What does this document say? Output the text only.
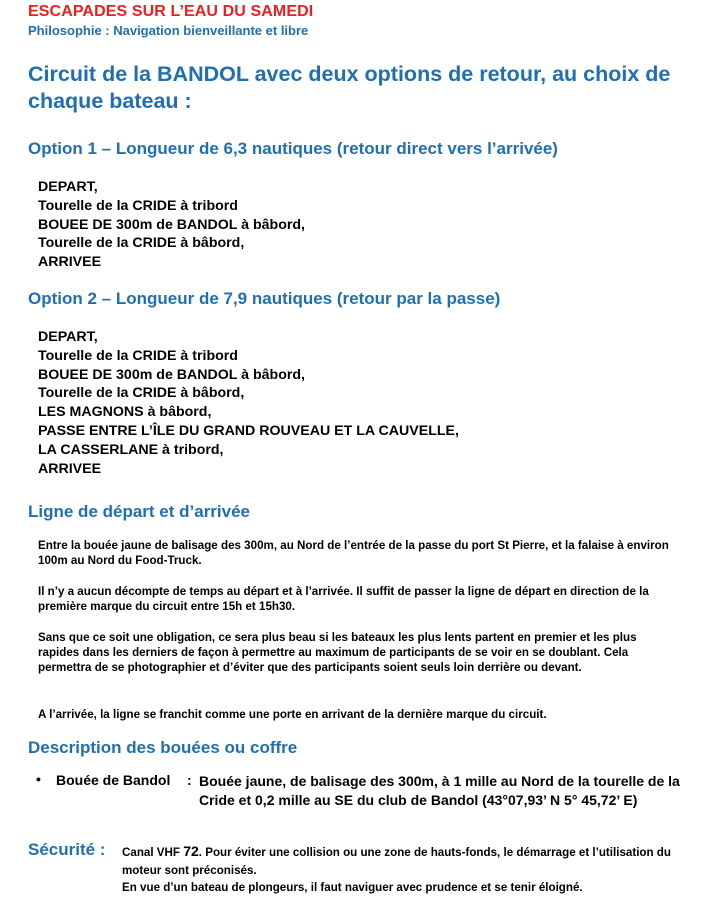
ESCAPADES SUR L’EAU DU SAMEDI
Philosophie : Navigation bienveillante et libre
Circuit de la BANDOL avec deux options de retour, au choix de chaque bateau :
Option 1 – Longueur de 6,3 nautiques (retour direct vers l’arrivée)
DEPART,
Tourelle de la CRIDE à tribord
BOUEE DE 300m de BANDOL à bâbord,
Tourelle de la CRIDE à bâbord,
ARRIVEE
Option 2 – Longueur de 7,9 nautiques (retour par la passe)
DEPART,
Tourelle de la CRIDE à tribord
BOUEE DE 300m de BANDOL à bâbord,
Tourelle de la CRIDE à bâbord,
LES MAGNONS à bâbord,
PASSE ENTRE L’ÎLE DU GRAND ROUVEAU ET LA CAUVELLE,
LA CASSERLANE à tribord,
ARRIVEE
Ligne de départ et d’arrivée

Entre la bouée jaune de balisage des 300m, au Nord de l’entrée de la passe du port St Pierre, et la falaise à environ 100m au Nord du Food-Truck.

Il n’y a aucun décompte de temps au départ et à l’arrivée. Il suffit de passer la ligne de départ en direction de la première marque du circuit entre 15h et 15h30.

Sans que ce soit une obligation, ce sera plus beau si les bateaux les plus lents partent en premier et les plus rapides dans les derniers de façon à permettre au maximum de participants de se voir en se doublant. Cela permettra de se photographier et d’éviter que des participants soient seuls loin derrière ou devant.

A l’arrivée, la ligne se franchit comme une porte en arrivant de la dernière marque du circuit.

Description des bouées ou coffre
• Bouée de Bandol : Bouée jaune, de balisage des 300m, à 1 mille au Nord de la tourelle de la Cride et 0,2 mille au SE du club de Bandol (43°07,93’ N 5° 45,72’ E)
Sécurité : Canal VHF 72. Pour éviter une collision ou une zone de hauts-fonds, le démarrage et l’utilisation du moteur sont préconisés.
En vue d’un bateau de plongeurs, il faut naviguer avec prudence et se tenir éloigné.
